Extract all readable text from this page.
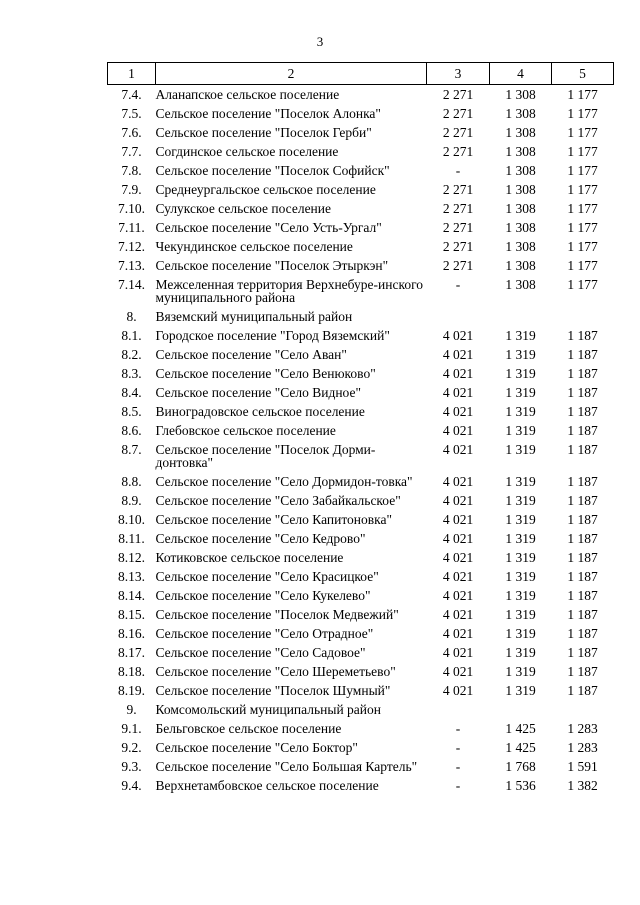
3
1	2	3	4	5
7.4.	Аланапское сельское поселение	2 271	1 308	1 177
7.5.	Сельское поселение "Поселок Алонка"	2 271	1 308	1 177
7.6.	Сельское поселение "Поселок Герби"	2 271	1 308	1 177
7.7.	Согдинское сельское поселение	2 271	1 308	1 177
7.8.	Сельское поселение "Поселок Софийск"	-	1 308	1 177
7.9.	Среднеургальское сельское поселение	2 271	1 308	1 177
7.10.	Сулукское сельское поселение	2 271	1 308	1 177
7.11.	Сельское поселение "Село Усть-Ургал"	2 271	1 308	1 177
7.12.	Чекундинское сельское поселение	2 271	1 308	1 177
7.13.	Сельское поселение "Поселок Этыркэн"	2 271	1 308	1 177
7.14.	Межселенная территория Верхнебуре-инского муниципального района	-	1 308	1 177
8.	Вяземский муниципальный район			
8.1.	Городское поселение "Город Вяземский"	4 021	1 319	1 187
8.2.	Сельское поселение "Село Аван"	4 021	1 319	1 187
8.3.	Сельское поселение "Село Венюково"	4 021	1 319	1 187
8.4.	Сельское поселение "Село Видное"	4 021	1 319	1 187
8.5.	Виноградовское сельское поселение	4 021	1 319	1 187
8.6.	Глебовское сельское поселение	4 021	1 319	1 187
8.7.	Сельское поселение "Поселок Дорми-донтовка"	4 021	1 319	1 187
8.8.	Сельское поселение "Село Дормидон-товка"	4 021	1 319	1 187
8.9.	Сельское поселение "Село Забайкальское"	4 021	1 319	1 187
8.10.	Сельское поселение "Село Капитоновка"	4 021	1 319	1 187
8.11.	Сельское поселение "Село Кедрово"	4 021	1 319	1 187
8.12.	Котиковское сельское поселение	4 021	1 319	1 187
8.13.	Сельское поселение "Село Красицкое"	4 021	1 319	1 187
8.14.	Сельское поселение "Село Кукелево"	4 021	1 319	1 187
8.15.	Сельское поселение "Поселок Медвежий"	4 021	1 319	1 187
8.16.	Сельское поселение "Село Отрадное"	4 021	1 319	1 187
8.17.	Сельское поселение "Село Садовое"	4 021	1 319	1 187
8.18.	Сельское поселение "Село Шереметьево"	4 021	1 319	1 187
8.19.	Сельское поселение "Поселок Шумный"	4 021	1 319	1 187
9.	Комсомольский муниципальный район			
9.1.	Бельговское сельское поселение	-	1 425	1 283
9.2.	Сельское поселение "Село Боктор"	-	1 425	1 283
9.3.	Сельское поселение "Село Большая Картель"	-	1 768	1 591
9.4.	Верхнетамбовское сельское поселение	-	1 536	1 382
